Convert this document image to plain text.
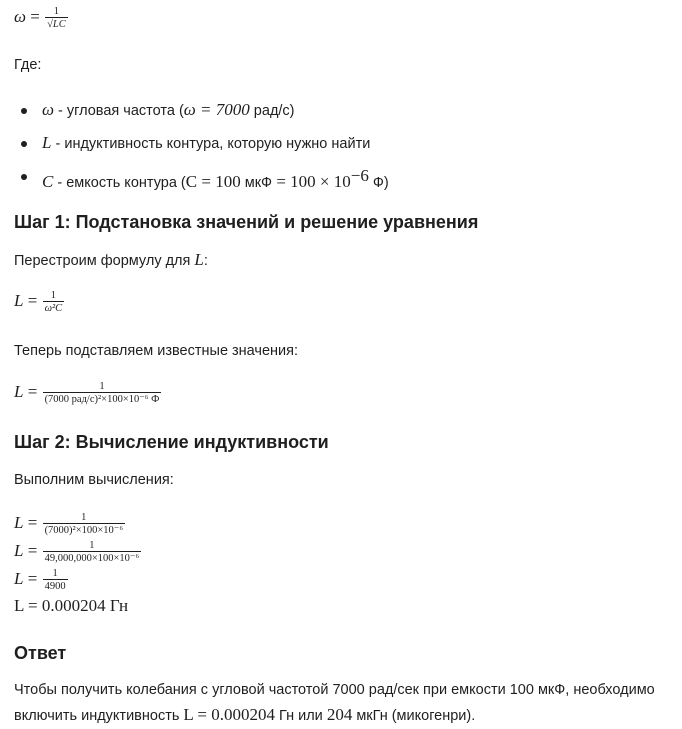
$\omega = \frac{1}{√LC}$
Где:
ω - угловая частота (ω = 7000 рад/с)
L - индуктивность контура, которую нужно найти
C - емкость контура (C = 100 мкФ = $100 \times 10^{-6}$ Ф)
Шаг 1: Подстановка значений и решение уравнения
Перестроим формулу для L:
$L = \frac{1}{\text{ω²C}}$
Теперь подставляем известные значения:
$L = \frac{1}{\text{(7000 рад/с)²×100×10⁻⁶ Ф}}$
Шаг 2: Вычисление индуктивности
Выполним вычисления:
$L = \frac{1}{\text{(7000)²×100×10⁻⁶}}$
$L = \frac{1}{\text{49,000,000×100×10⁻⁶}}$
$L = \frac{1}{4900}$
L = 0.000204 Гн
Ответ
Чтобы получить колебания с угловой частотой 7000 рад/сек при емкости 100 мкФ, необходимо
включить индуктивность L = 0.000204 Гн или 204 мкГн (микогенри).
